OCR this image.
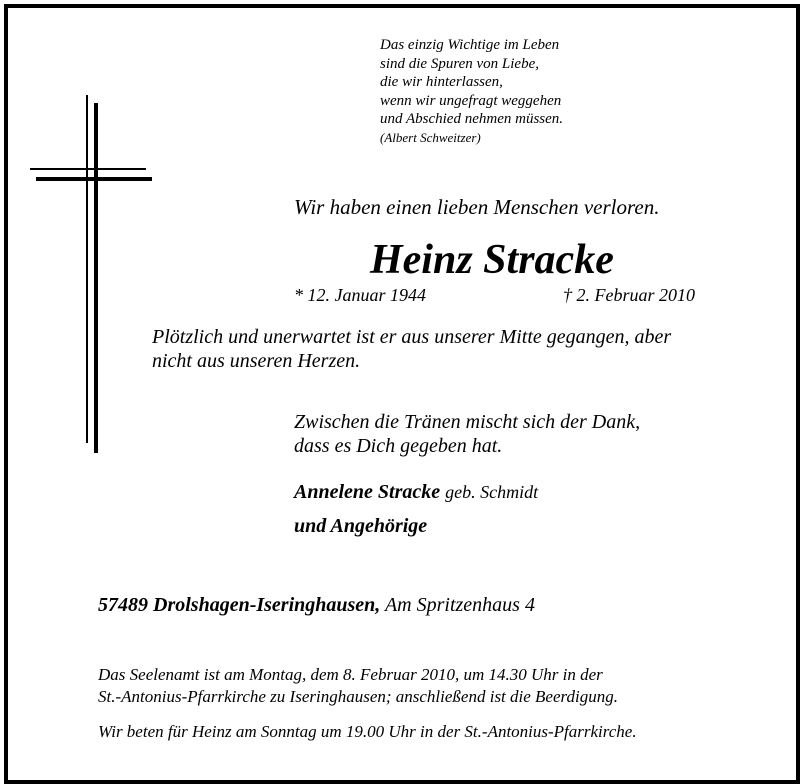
Das einzig Wichtige im Leben
sind die Spuren von Liebe,
die wir hinterlassen,
wenn wir ungefragt weggehen
und Abschied nehmen müssen.
(Albert Schweitzer)
Wir haben einen lieben Menschen verloren.
Heinz Stracke
* 12. Januar 1944	† 2. Februar 2010
Plötzlich und unerwartet ist er aus unserer Mitte gegangen, aber
nicht aus unseren Herzen.
Zwischen die Tränen mischt sich der Dank,
dass es Dich gegeben hat.
Annelene Stracke geb. Schmidt
und Angehörige
57489 Drolshagen-Iseringhausen, Am Spritzenhaus 4
Das Seelenamt ist am Montag, dem 8. Februar 2010, um 14.30 Uhr in der
St.-Antonius-Pfarrkirche zu Iseringhausen; anschließend ist die Beerdigung.
Wir beten für Heinz am Sonntag um 19.00 Uhr in der St.-Antonius-Pfarrkirche.
